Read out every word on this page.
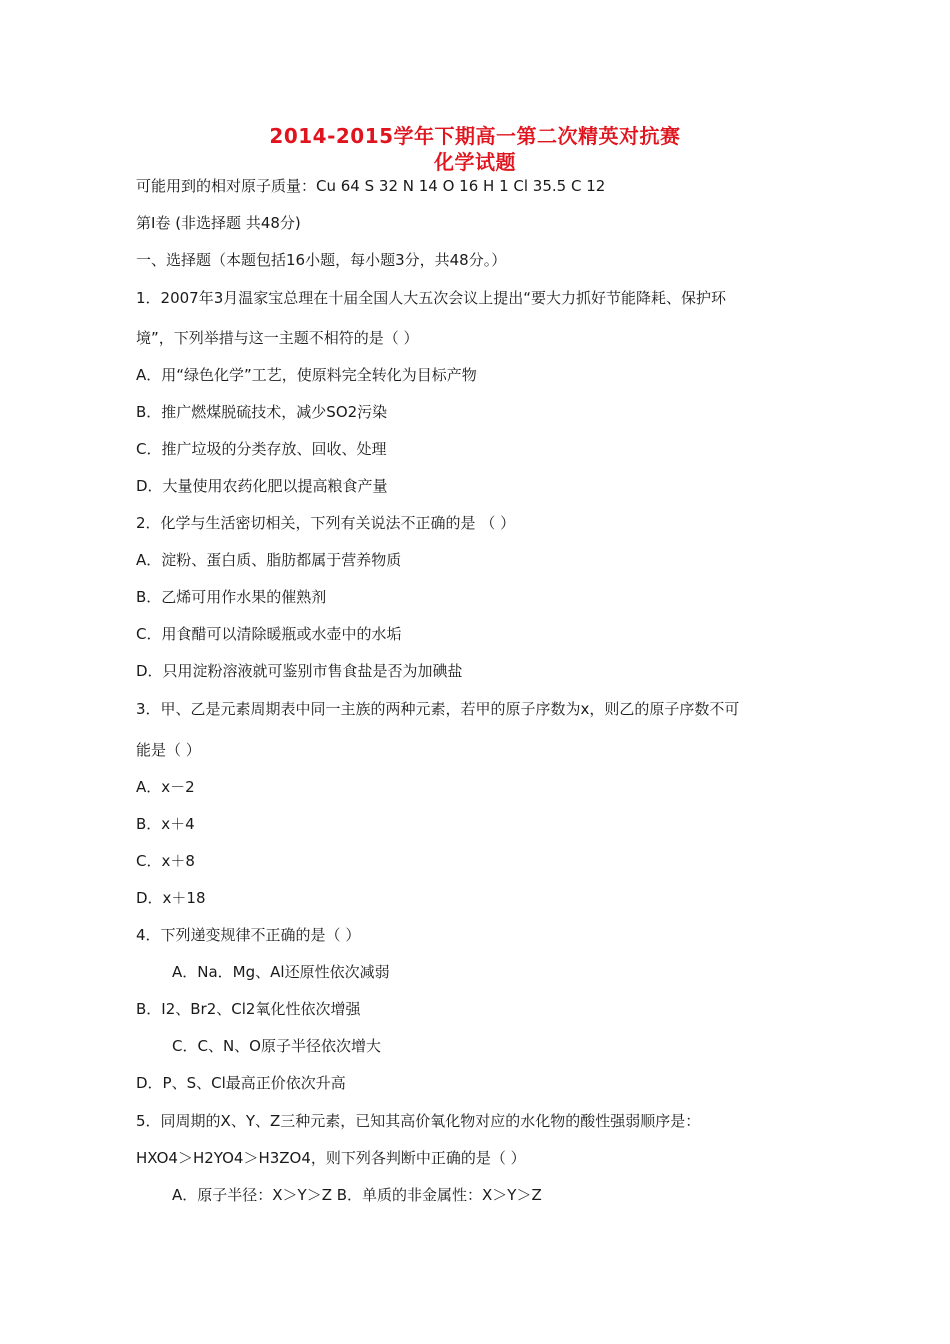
2014-2015学年下期高一第二次精英对抗赛
化学试题
可能用到的相对原子质量：Cu 64 S 32 N 14 O 16 H 1 Cl 35.5 C 12
第Ⅰ卷 (非选择题 共48分)
一、选择题（本题包括16小题，每小题3分，共48分。）
1．2007年3月温家宝总理在十届全国人大五次会议上提出“要大力抓好节能降耗、保护环
境”，下列举措与这一主题不相符的是（ ）
A．用“绿色化学”工艺，使原料完全转化为目标产物
B．推广燃煤脱硫技术，减少SO2污染
C．推广垃圾的分类存放、回收、处理
D．大量使用农药化肥以提高粮食产量
2．化学与生活密切相关，下列有关说法不正确的是 （ ）
A．淀粉、蛋白质、脂肪都属于营养物质
B．乙烯可用作水果的催熟剂
C．用食醋可以清除暖瓶或水壶中的水垢
D．只用淀粉溶液就可鉴别市售食盐是否为加碘盐
3．甲、乙是元素周期表中同一主族的两种元素，若甲的原子序数为x，则乙的原子序数不可
能是（ ）
A．x－2
B．x＋4
C．x＋8
D．x＋18
4．下列递变规律不正确的是（ ）
A．Na．Mg、Al还原性依次减弱
B．I2、Br2、Cl2氧化性依次增强
C．C、N、O原子半径依次增大
D．P、S、Cl最高正价依次升高
5．同周期的X、Y、Z三种元素，已知其高价氧化物对应的水化物的酸性强弱顺序是：
HXO4＞H2YO4＞H3ZO4，则下列各判断中正确的是（ ）
A．原子半径：X＞Y＞Z B．单质的非金属性：X＞Y＞Z
